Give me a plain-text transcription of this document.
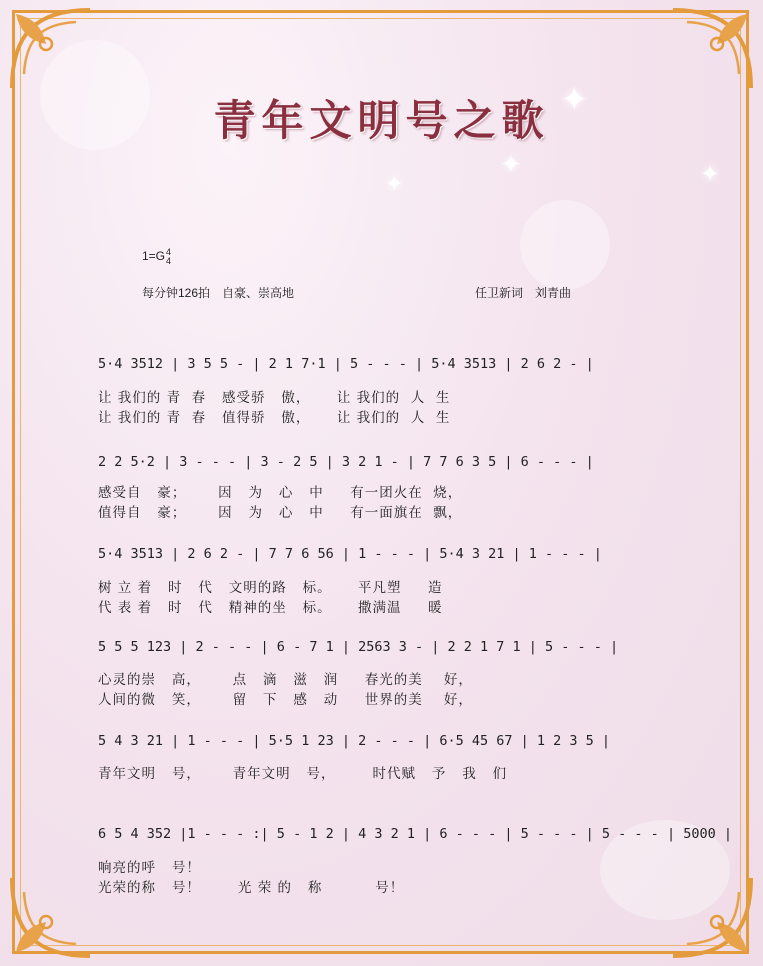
✦
✦	✦
✦
青年文明号之歌
1=G4
4
每分钟126拍　自豪、崇高地	任卫新词　刘青曲
5·4 3512 | 3 5 5 - | 2 1 7·1 | 5 - - - | 5·4 3513 | 2 6 2 - |
让 我们的 青  春   感受骄   傲，     让 我们的  人  生
让 我们的 青  春   值得骄   傲，     让 我们的  人  生
2 2 5·2 | 3 - - - | 3 - 2 5 | 3 2 1 - | 7 7 6 3 5 | 6 - - - |
感受自   豪；      因   为   心   中     有一团火在  烧，
值得自   豪；      因   为   心   中     有一面旗在  飘，
5·4 3513 | 2 6 2 - | 7 7 6 56 | 1 - - - | 5·4 3 21 | 1 - - - |
树 立 着   时   代   文明的路   标。     平凡塑     造
代 表 着   时   代   精神的坐   标。     撒满温     暖
5 5 5 123 | 2 - - - | 6 - 7 1 | 2563 3 - | 2 2 1 7 1 | 5 - - - |
心灵的崇   高，      点   滴   滋   润     春光的美    好，
人间的微   笑，      留   下   感   动     世界的美    好，
5 4 3 21 | 1 - - - | 5·5 1 23 | 2 - - - | 6·5 45 67 | 1 2 3 5 |
青年文明   号，      青年文明   号，       时代赋   予   我   们
6 5 4 352 |1 - - - :| 5 - 1 2 | 4 3 2 1 | 6 - - - | 5 - - - | 5 - - - | 5000 |
响亮的呼   号！
光荣的称   号！       光 荣 的   称          号！
